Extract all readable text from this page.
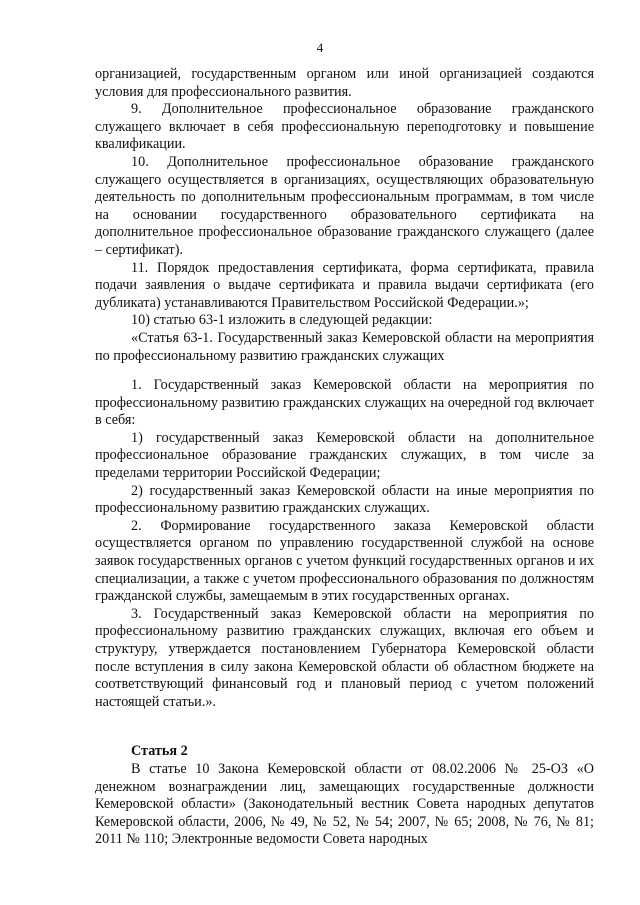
4

организацией, государственным органом или иной организацией создаются условия для профессионального развития.

9. Дополнительное профессиональное образование гражданского служащего включает в себя профессиональную переподготовку и повышение квалификации.

10. Дополнительное профессиональное образование гражданского служащего осуществляется в организациях, осуществляющих образовательную деятельность по дополнительным профессиональным программам, в том числе на основании государственного образовательного сертификата на дополнительное профессиональное образование гражданского служащего (далее – сертификат).

11. Порядок предоставления сертификата, форма сертификата, правила подачи заявления о выдаче сертификата и правила выдачи сертификата (его дубликата) устанавливаются Правительством Российской Федерации.»;

10) статью 63-1 изложить в следующей редакции:

«Статья 63-1. Государственный заказ Кемеровской области на мероприятия по профессиональному развитию гражданских служащих

1. Государственный заказ Кемеровской области на мероприятия по профессиональному развитию гражданских служащих на очередной год включает в себя:

1) государственный заказ Кемеровской области на дополнительное профессиональное образование гражданских служащих, в том числе за пределами территории Российской Федерации;

2) государственный заказ Кемеровской области на иные мероприятия по профессиональному развитию гражданских служащих.

2. Формирование государственного заказа Кемеровской области осуществляется органом по управлению государственной службой на основе заявок государственных органов с учетом функций государственных органов и их специализации, а также с учетом профессионального образования по должностям гражданской службы, замещаемым в этих государственных органах.

3. Государственный заказ Кемеровской области на мероприятия по профессиональному развитию гражданских служащих, включая его объем и структуру, утверждается постановлением Губернатора Кемеровской области после вступления в силу закона Кемеровской области об областном бюджете на соответствующий финансовый год и плановый период с учетом положений настоящей статьи.».

Статья 2

В статье 10 Закона Кемеровской области от 08.02.2006 № 25-ОЗ «О денежном вознаграждении лиц, замещающих государственные должности Кемеровской области» (Законодательный вестник Совета народных депутатов Кемеровской области, 2006, № 49, № 52, № 54; 2007, № 65; 2008, № 76, № 81; 2011 № 110; Электронные ведомости Совета народных
